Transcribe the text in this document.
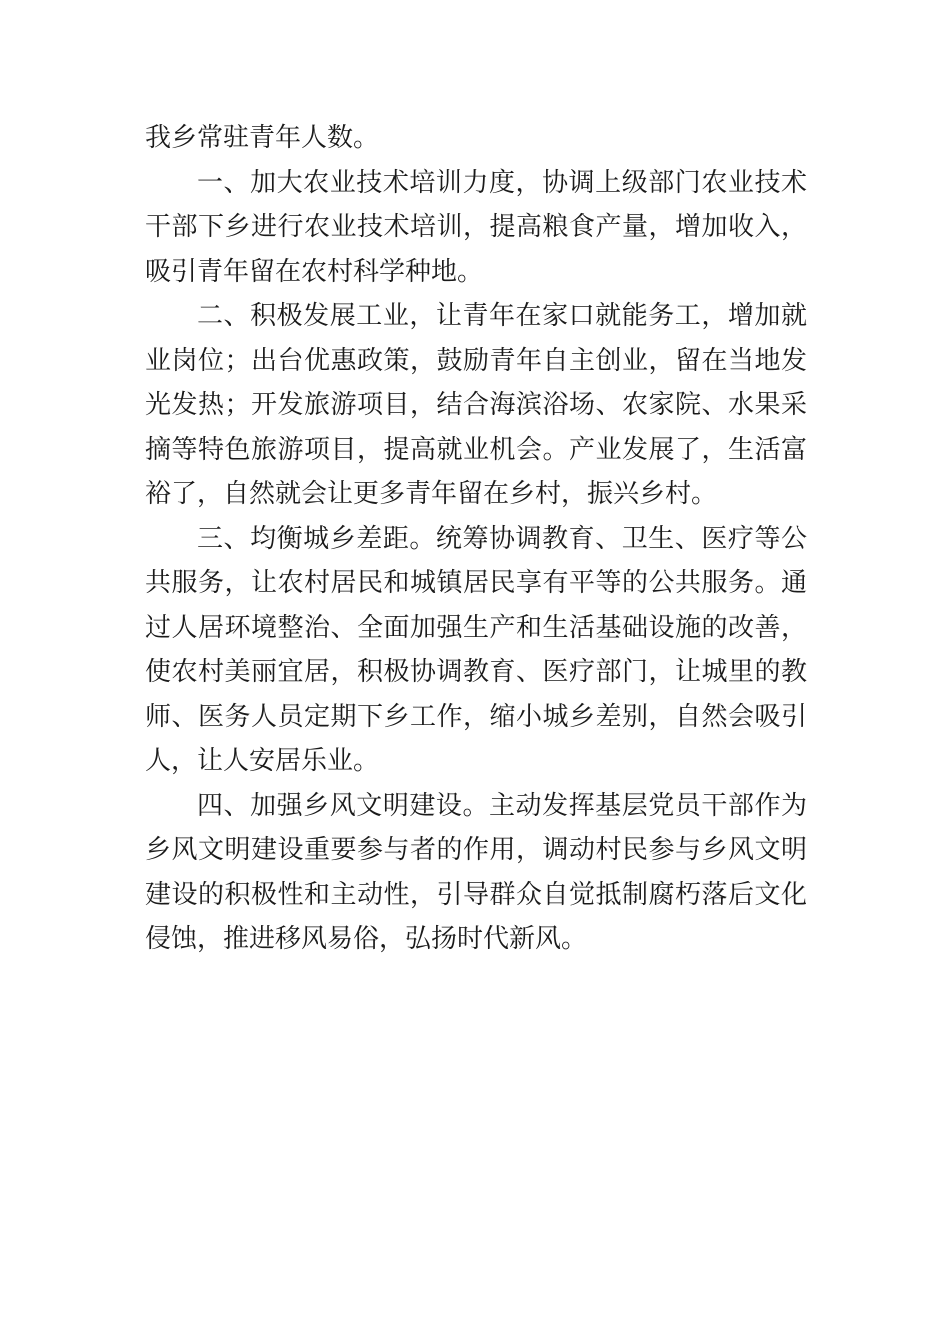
我乡常驻青年人数。

一、加大农业技术培训力度，协调上级部门农业技术干部下乡进行农业技术培训，提高粮食产量，增加收入，吸引青年留在农村科学种地。

二、积极发展工业，让青年在家口就能务工，增加就业岗位；出台优惠政策，鼓励青年自主创业，留在当地发光发热；开发旅游项目，结合海滨浴场、农家院、水果采摘等特色旅游项目，提高就业机会。产业发展了，生活富裕了，自然就会让更多青年留在乡村，振兴乡村。

三、均衡城乡差距。统筹协调教育、卫生、医疗等公共服务，让农村居民和城镇居民享有平等的公共服务。通过人居环境整治、全面加强生产和生活基础设施的改善，使农村美丽宜居，积极协调教育、医疗部门，让城里的教师、医务人员定期下乡工作，缩小城乡差别，自然会吸引人，让人安居乐业。

四、加强乡风文明建设。主动发挥基层党员干部作为乡风文明建设重要参与者的作用，调动村民参与乡风文明建设的积极性和主动性，引导群众自觉抵制腐朽落后文化侵蚀，推进移风易俗，弘扬时代新风。
